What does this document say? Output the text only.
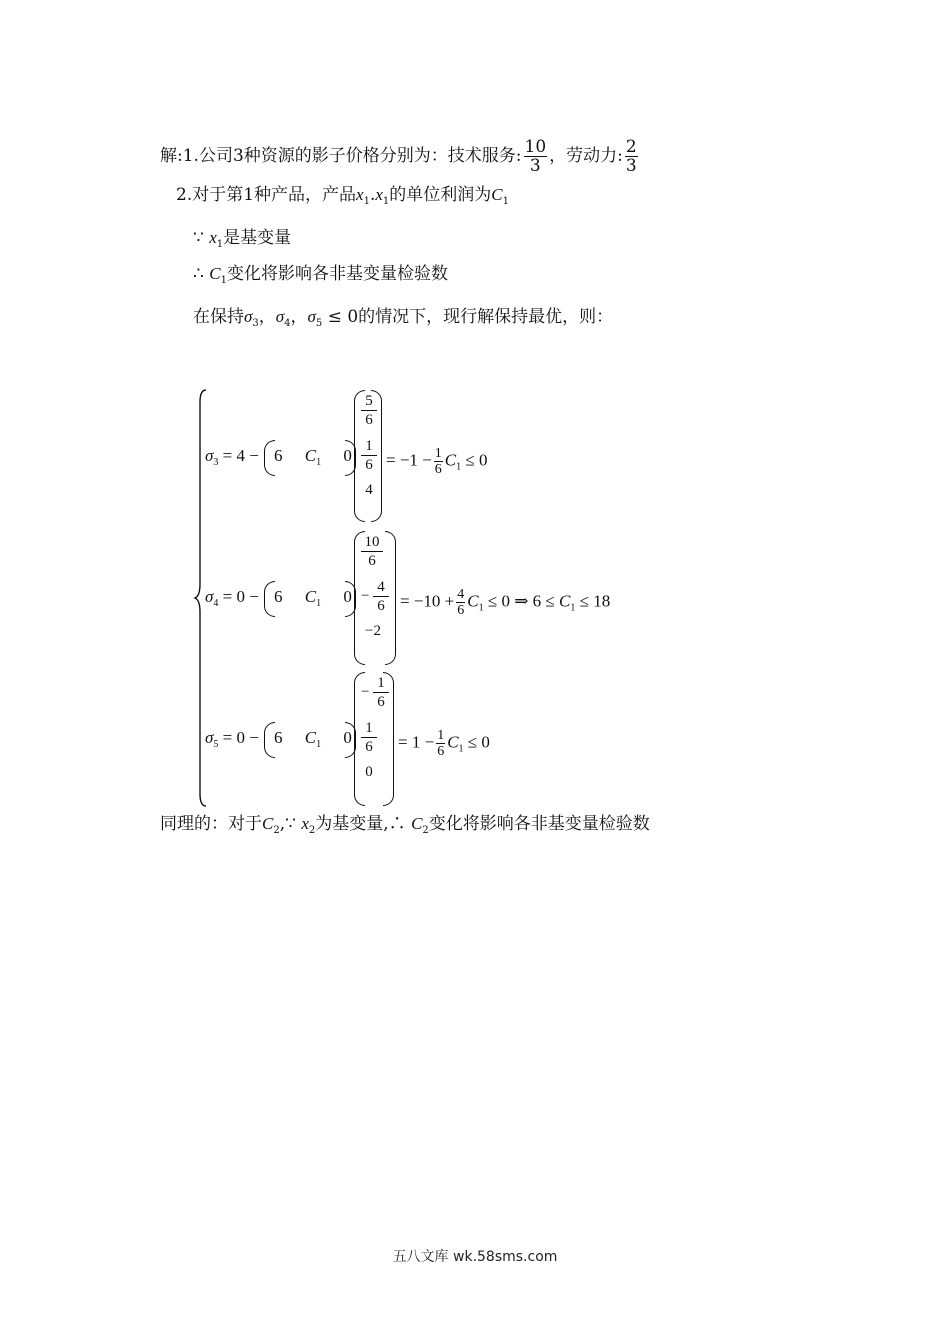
解:1.公司3种资源的影子价格分别为：技术服务: $\frac{10}{3}$ ，劳动力: $\frac{2}{3}$
2.对于第1种产品，产品$x_1.x_1$的单位利润为$C_1$
∵ $x_1$是基变量
∴ $C_1$变化将影响各非基变量检验数
在保持$\sigma_3$，$\sigma_4$，$\sigma_5 \le 0$的情况下，现行解保持最优，则：
$\sigma_3 = 4 - 6$ $C_1$ 0
$\frac{5}{6}$
$\frac{1}{6}$
4
= $-1 - \frac{1}{6} C_1 \le 0$
$\sigma_4 = 0 - 6$ $C_1$ 0
$\frac{10}{6}$
−
4
6
−2
= $-10 + \frac{4}{6} C_1 \le 0$ ⇒ $6 \le C_1 \le 18$
$\sigma_5 = 0 - 6$ $C_1$ 0
−
1
6
$\frac{1}{6}$
0
= $1 - \frac{1}{6} C_1 \le 0$
同理的：对于$C_2,\because$ $x_2$为基变量,∴ $C_2$变化将影响各非基变量检验数
五八文库 wk.58sms.com
